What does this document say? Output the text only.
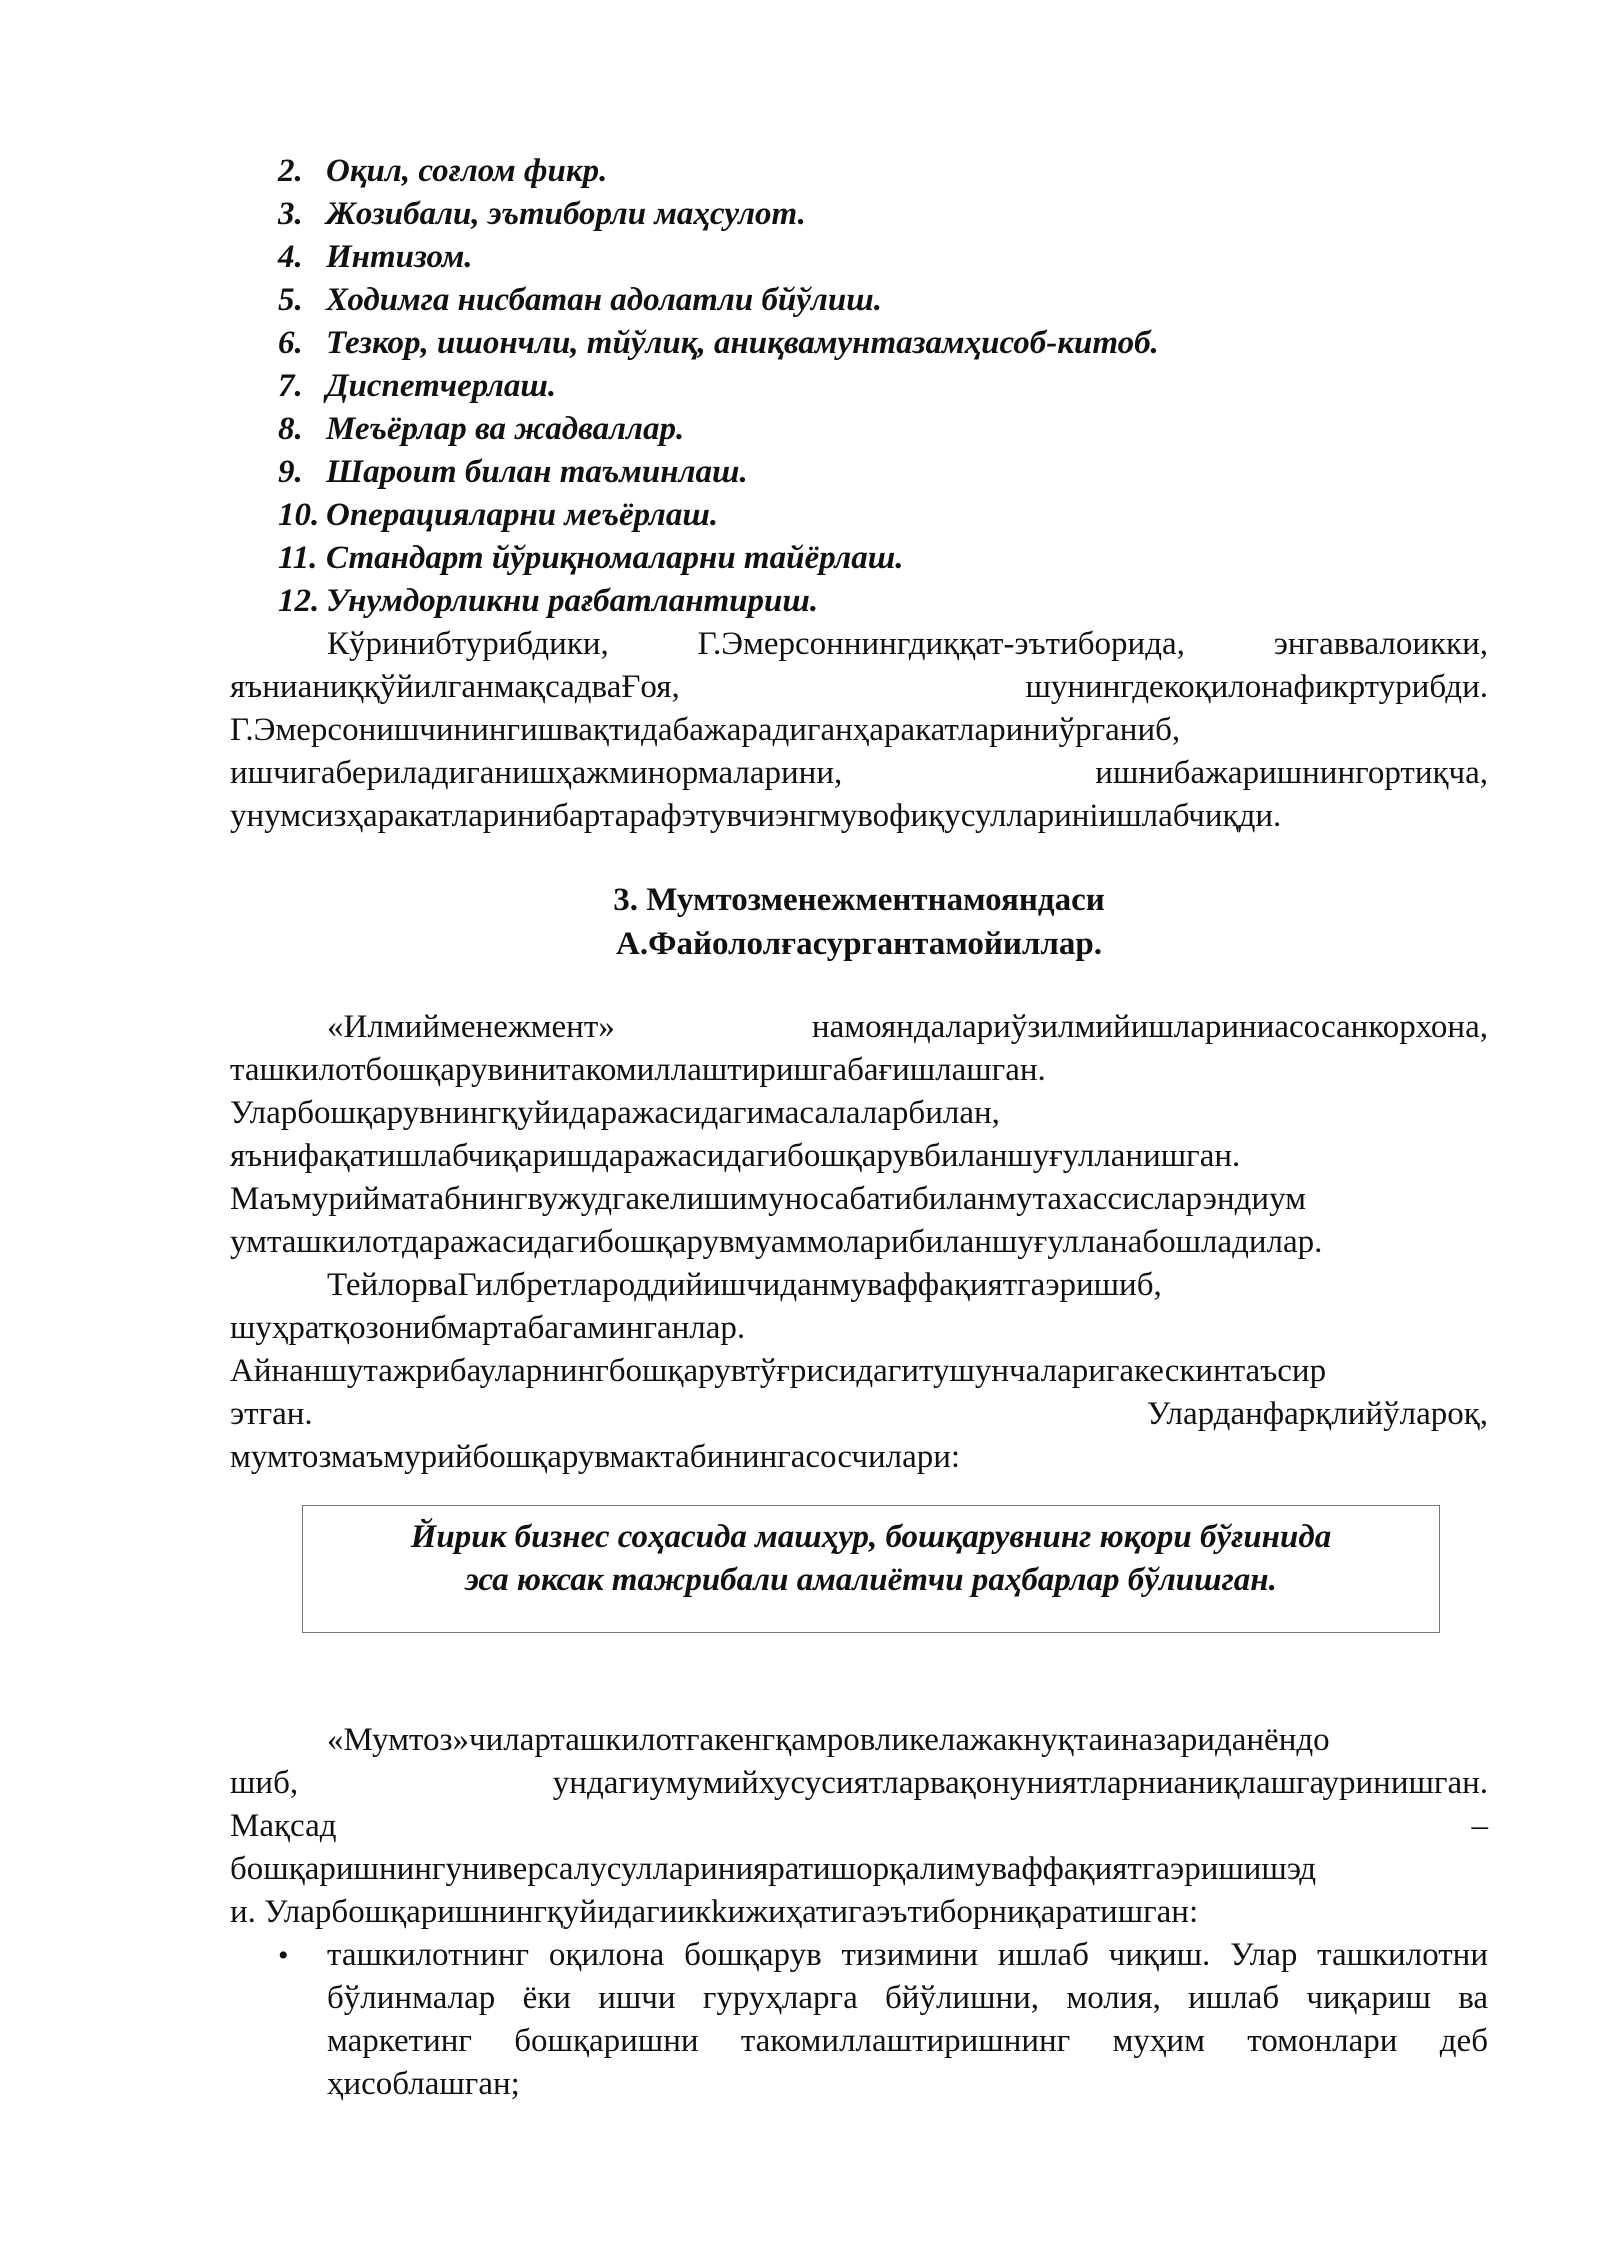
2. Оқил, соғлом фикр.
3. Жозибали, эътиборли маҳсулот.
4. Интизом.
5. Ходимга нисбатан адолатли бйўлиш.
6. Тезкор, ишончли, тйўлиқ, аниқвамунтазамҳисоб-китоб.
7. Диспетчерлаш.
8. Меъёрлар ва жадваллар.
9. Шароит билан таъминлаш.
10. Операцияларни меъёрлаш.
11. Стандарт йўриқномаларни тайёрлаш.
12. Унумдорликни рағбатлантириш.

Кўринибтурибдики, Г.Эмерсоннингдиққат-эътиборида, энгаввалоикки,
яънианиққўйилганмақсадваҒоя, шунингдекоқилонафикртурибди.
Г.Эмерсонишчинингишвақтидабажарадиганҳаракатлариниўрганиб,
ишчигабериладиганишҳажминормаларини, ишнибажаришнингортиқча,
унумсизҳаракатларинибартарафэтувчиэнгмувофиқусулларинiишлабчиқди.

3. Мумтозменежментнамояндаси
А.Файололғасургантамойиллар.

«Илмийменежмент» намояндалариўзилмийишлариниасосанкорхона,
ташкилотбошқарувинитакомиллаштиришгабағишлашган.
Уларбошқарувнингқуйидаражасидагимасалаларбилан,
яънифақатишлабчиқаришдаражасидагибошқарувбиланшуғулланишган.
Маъмурийматабнингвужудгакелишимуносабатибиланмутахассисларэндиум
умташкилотдаражасидагибошқарувмуаммоларибиланшуғулланабошладилар.

ТейлорваГилбретлароддийишчиданмуваффақиятгаэришиб,
шуҳратқозонибмартабагаминганлар.
Айнаншутажрибауларнингбошқарувтўғрисидагитушунчаларигакескинтаъсир
этган. Уларданфарқлийўлароқ,
мумтозмаъмурийбошқарувмактабинингасосчилари:

Йирик бизнес соҳасида машҳур, бошқарувнинг юқори бўғинида
эса юксак тажрибали амалиётчи раҳбарлар бўлишган.

«Мумтоз»чиларташкилотгакенгқамровликелажакнуқтаиназариданёндо
шиб, ундагиумумийхусусиятларвақонуниятларнианиқлашгауринишган.
Мақсад –
бошқаришнингуниверсалусулларинияратишорқалимуваффақиятгаэришишэд
и. Уларбошқаришнингқуйидагиикkижиҳатигаэътиборниқаратишган:

• ташкилотнинг оқилона бошқарув тизимини ишлаб чиқиш. Улар ташкилотни бўлинмалар ёки ишчи гуруҳларга бйўлишни, молия, ишлаб чиқариш ва маркетинг бошқаришни такомиллаштиришнинг муҳим томонлари деб ҳисоблашган;
